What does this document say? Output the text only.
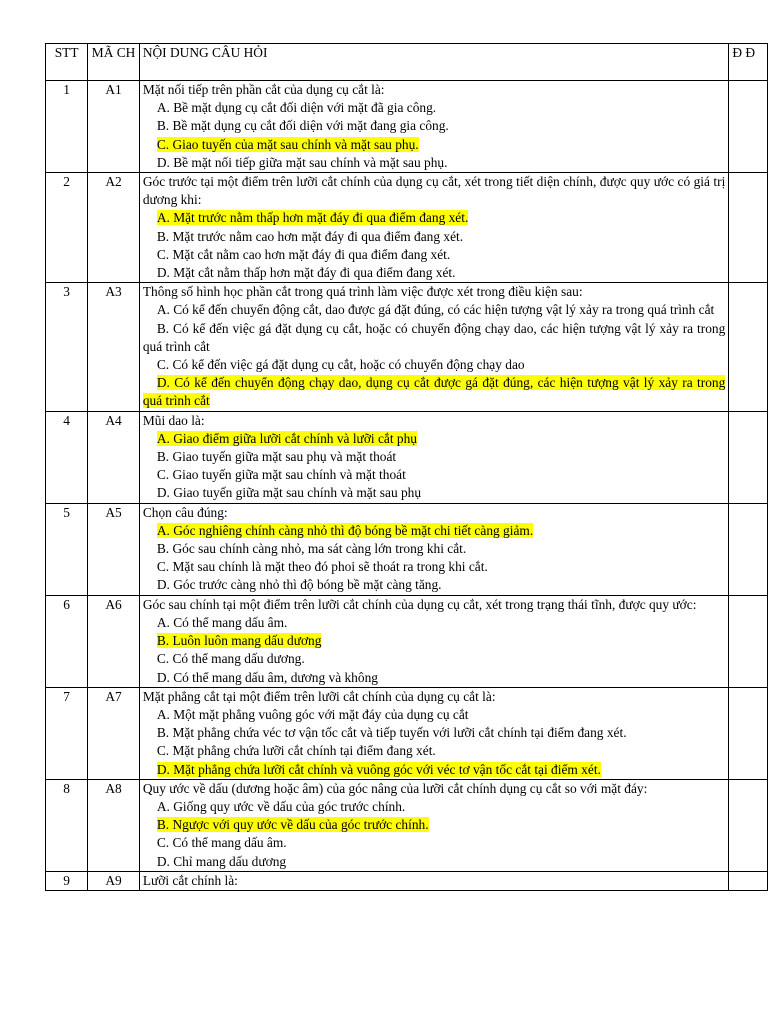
STT	MÃ CH	NỘI DUNG CÂU HỎI	Đ Đ
1	A1	Mặt nối tiếp trên phần cắt của dụng cụ cắt là:
A. Bề mặt dụng cụ cắt đối diện với mặt đã gia công.
B. Bề mặt dụng cụ cắt đối diện với mặt đang gia công.
C. Giao tuyến của mặt sau chính và mặt sau phụ.
D. Bề mặt nối tiếp giữa mặt sau chính và mặt sau phụ.	

2	A2	Góc trước tại một điểm trên lưỡi cắt chính của dụng cụ cắt, xét trong tiết diện chính, được quy ước có giá trị dương khi:
A. Mặt trước nằm thấp hơn mặt đáy đi qua điểm đang xét.
B. Mặt trước nằm cao hơn mặt đáy đi qua điểm đang xét.
C. Mặt cắt nằm cao hơn mặt đáy đi qua điểm đang xét.
D. Mặt cắt nằm thấp hơn mặt đáy đi qua điểm đang xét.	

3	A3	Thông số hình học phần cắt trong quá trình làm việc được xét trong điều kiện sau:
A. Có kể đến chuyển động cắt, dao được gá đặt đúng, có các hiện tượng vật lý xảy ra trong quá trình cắt
B. Có kể đến việc gá đặt dụng cụ cắt, hoặc có chuyển động chạy dao, các hiện tượng vật lý xảy ra trong quá trình cắt
C. Có kể đến việc gá đặt dụng cụ cắt, hoặc có chuyển động chạy dao
D. Có kể đến chuyển động chạy dao, dụng cụ cắt được gá đặt đúng, các hiện tượng vật lý xảy ra trong quá trình cắt	

4	A4	Mũi dao là:
A. Giao điểm giữa lưỡi cắt chính và lưỡi cắt phụ
B. Giao tuyến giữa mặt sau phụ và mặt thoát
C. Giao tuyến giữa mặt sau chính và mặt thoát
D. Giao tuyến giữa mặt sau chính và mặt sau phụ	

5	A5	Chọn câu đúng:
A. Góc nghiêng chính càng nhỏ thì độ bóng bề mặt chi tiết càng giảm.
B. Góc sau chính càng nhỏ, ma sát càng lớn trong khi cắt.
C. Mặt sau chính là mặt theo đó phoi sẽ thoát ra trong khi cắt.
D. Góc trước càng nhỏ thì độ bóng bề mặt càng tăng.	

6	A6	Góc sau chính tại một điểm trên lưỡi cắt chính của dụng cụ cắt, xét trong trạng thái tĩnh, được quy ước:
A. Có thể mang dấu âm.
B. Luôn luôn mang dấu dương
C. Có thể mang dấu dương.
D. Có thể mang dấu âm, dương và không	

7	A7	Mặt phẳng cắt tại một điểm trên lưỡi cắt chính của dụng cụ cắt là:
A. Một mặt phẳng vuông góc với mặt đáy của dụng cụ cắt
B. Mặt phẳng chứa véc tơ vận tốc cắt và tiếp tuyến với lưỡi cắt chính tại điểm đang xét.
C. Mặt phẳng chứa lưỡi cắt chính tại điểm đang xét.
D. Mặt phẳng chứa lưỡi cắt chính và vuông góc với véc tơ vận tốc cắt tại điểm xét.	

8	A8	Quy ước về dấu (dương hoặc âm) của góc nâng của lưỡi cắt chính dụng cụ cắt so với mặt đáy:
A. Giống quy ước về dấu của góc trước chính.
B. Ngược với quy ước về dấu của góc trước chính.
C. Có thể mang dấu âm.
D. Chỉ mang dấu dương	

9	A9	Lưỡi cắt chính là:	
